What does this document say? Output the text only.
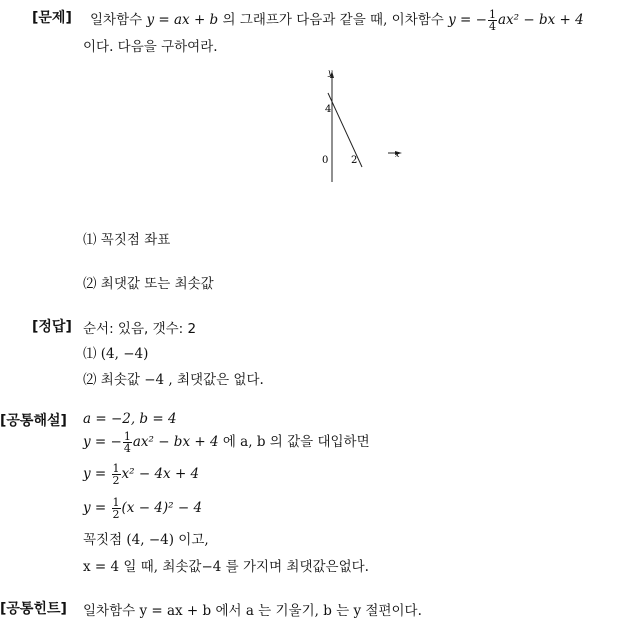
[문제] 일차함수 y = ax + b 의 그래프가 다음과 같을 때, 이차함수 y = − $\frac{1}{4} ax^2$ − bx + 4
이다. 다음을 구하여라.
y
x
4
2
0
⑴ 꼭짓점 좌표
⑵ 최댓값 또는 최솟값
[정답] 순서: 있음, 갯수: 2
⑴ (4, −4)
⑵ 최솟값 −4 , 최댓값은 없다.
[공통해설] a = −2, b = 4
y = − $\frac{1}{4} ax^2$ − bx + 4 에 a, b 의 값을 대입하면
$y = \frac{1}{2} x^2 - 4x + 4$
$y = \frac{1}{2} (x - 4)^2 - 4$
꼭짓점 (4, −4) 이고,
x = 4 일 때, 최솟값−4 를 가지며 최댓값은없다.
[공통힌트] 일차함수 y = ax + b 에서 a 는 기울기, b 는 y 절편이다.
